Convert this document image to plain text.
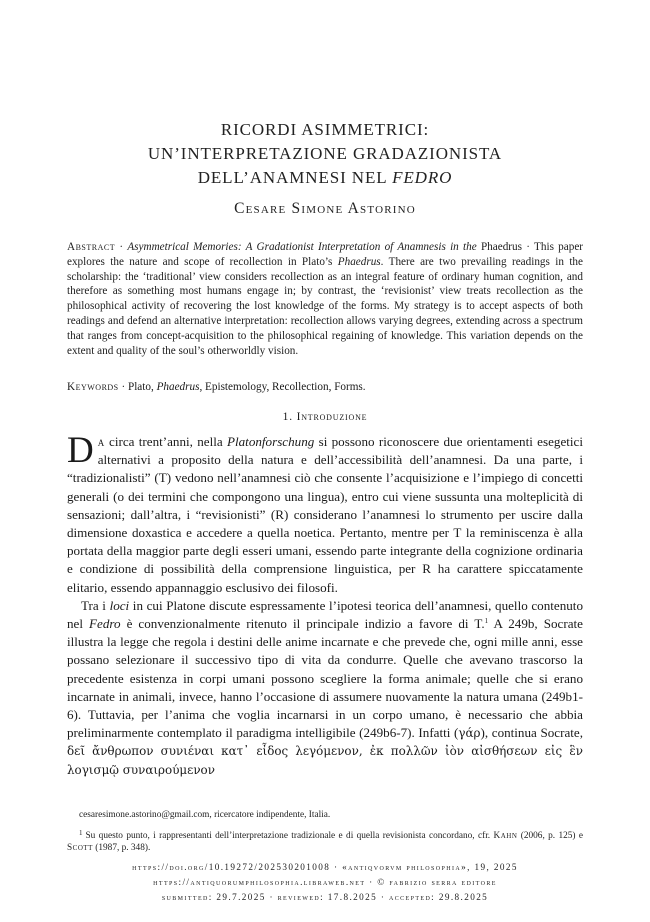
RICORDI ASIMMETRICI:
UN’INTERPRETAZIONE GRADAZIONISTA
DELL’ANAMNESI NEL FEDRO
Cesare Simone Astorino
Abstract · Asymmetrical Memories: A Gradationist Interpretation of Anamnesis in the Phaedrus · This paper explores the nature and scope of recollection in Plato’s Phaedrus. There are two prevailing readings in the scholarship: the ‘traditional’ view considers recollection as an integral feature of ordinary human cognition, and therefore as something most humans engage in; by contrast, the ‘revisionist’ view treats recollection as the philosophical activity of recovering the lost knowledge of the forms. My strategy is to accept aspects of both readings and defend an alternative interpretation: recollection allows varying degrees, extending across a spectrum that ranges from concept-acquisition to the philosophical regaining of knowledge. This variation depends on the extent and quality of the soul’s otherworldly vision.
Keywords · Plato, Phaedrus, Epistemology, Recollection, Forms.
1. Introduzione

Da circa trent’anni, nella Platonforschung si possono riconoscere due orientamenti esegetici alternativi a proposito della natura e dell’accessibilità dell’anamnesi. Da una parte, i “tradizionalisti” (T) vedono nell’anamnesi ciò che consente l’acquisizione e l’impiego di concetti generali (o dei termini che compongono una lingua), entro cui viene sussunta una molteplicità di sensazioni; dall’altra, i “revisionisti” (R) considerano l’anamnesi lo strumento per uscire dalla dimensione doxastica e accedere a quella noetica. Pertanto, mentre per T la reminiscenza è alla portata della maggior parte degli esseri umani, essendo parte integrante della cognizione ordinaria e condizione di possibilità della comprensione linguistica, per R ha carattere spiccatamente elitario, essendo appannaggio esclusivo dei filosofi.

Tra i loci in cui Platone discute espressamente l’ipotesi teorica dell’anamnesi, quello contenuto nel Fedro è convenzionalmente ritenuto il principale indizio a favore di T.$^1$ A 249b, Socrate illustra la legge che regola i destini delle anime incarnate e che prevede che, ogni mille anni, esse possano selezionare il successivo tipo di vita da condurre. Quelle che avevano trascorso la precedente esistenza in corpi umani possono scegliere la forma animale; quelle che si erano incarnate in animali, invece, hanno l’occasione di assumere nuovamente la natura umana (249b1-6). Tuttavia, per l’anima che voglia incarnarsi in un corpo umano, è necessario che abbia preliminarmente contemplato il paradigma intelligibile (249b6-7). Infatti (γάρ), continua Socrate, δεῖ ἄνθρωπον συνιέναι κατ᾽ εἶδος λεγόμενον, ἐκ πολλῶν ἰὸν αἰσθήσεων εἰς ἓν λογισμῷ συναιρούμενον

cesaresimone.astorino@gmail.com, ricercatore indipendente, Italia.

$^1$ Su questo punto, i rappresentanti dell’interpretazione tradizionale e di quella revisionista concordano, cfr. Kahn (2006, p. 125) e Scott (1987, p. 348).

https://doi.org/10.19272/202530201008 · «antiqvorvm philosophia», 19, 2025
https://antiquorumphilosophia.libraweb.net · © fabrizio serra editore
submitted: 29.7.2025 · reviewed: 17.8.2025 · accepted: 29.8.2025
